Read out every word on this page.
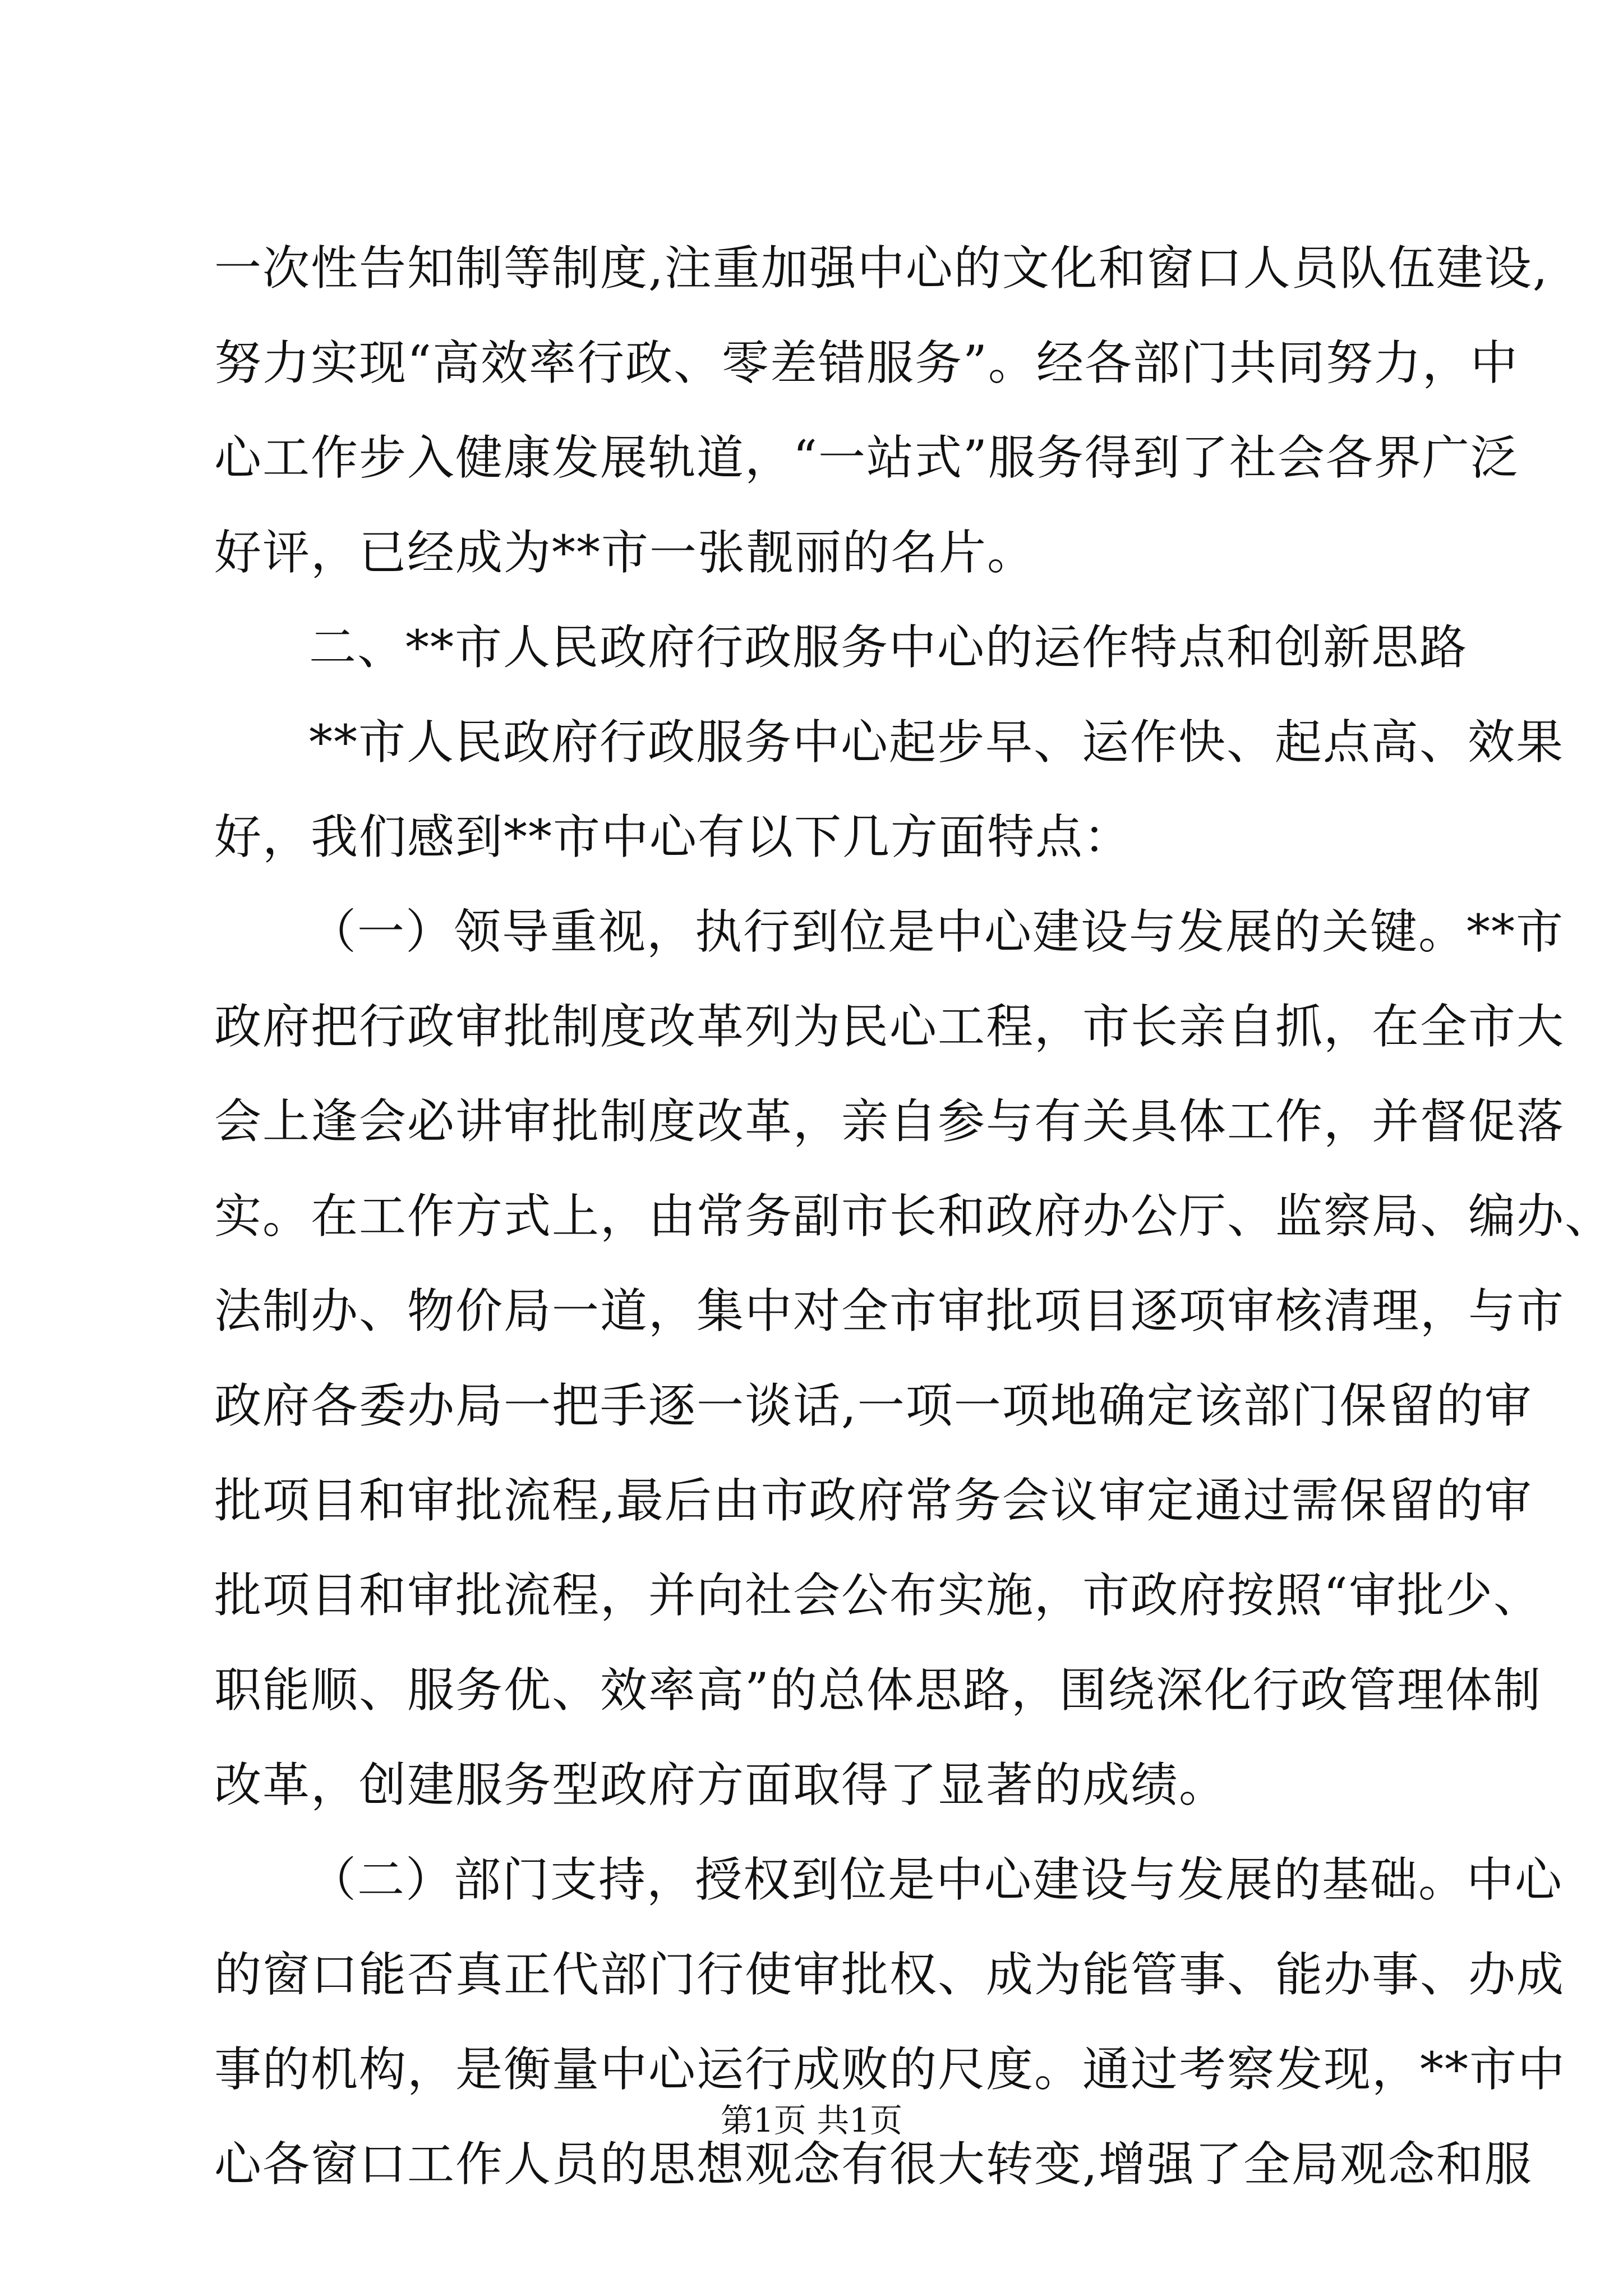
一次性告知制等制度,注重加强中心的文化和窗口人员队伍建设,
努力实现“高效率行政、零差错服务”。经各部门共同努力，中
心工作步入健康发展轨道，“一站式”服务得到了社会各界广泛
好评，已经成为**市一张靓丽的名片。
二、**市人民政府行政服务中心的运作特点和创新思路
**市人民政府行政服务中心起步早、运作快、起点高、效果
好，我们感到**市中心有以下几方面特点：
（一）领导重视，执行到位是中心建设与发展的关键。**市
政府把行政审批制度改革列为民心工程，市长亲自抓，在全市大
会上逢会必讲审批制度改革，亲自参与有关具体工作，并督促落
实。在工作方式上，由常务副市长和政府办公厅、监察局、编办、
法制办、物价局一道，集中对全市审批项目逐项审核清理，与市
政府各委办局一把手逐一谈话,一项一项地确定该部门保留的审
批项目和审批流程,最后由市政府常务会议审定通过需保留的审
批项目和审批流程，并向社会公布实施，市政府按照“审批少、
职能顺、服务优、效率高”的总体思路，围绕深化行政管理体制
改革，创建服务型政府方面取得了显著的成绩。
（二）部门支持，授权到位是中心建设与发展的基础。中心
的窗口能否真正代部门行使审批权、成为能管事、能办事、办成
事的机构，是衡量中心运行成败的尺度。通过考察发现，**市中
心各窗口工作人员的思想观念有很大转变,增强了全局观念和服
第1页 共1页
